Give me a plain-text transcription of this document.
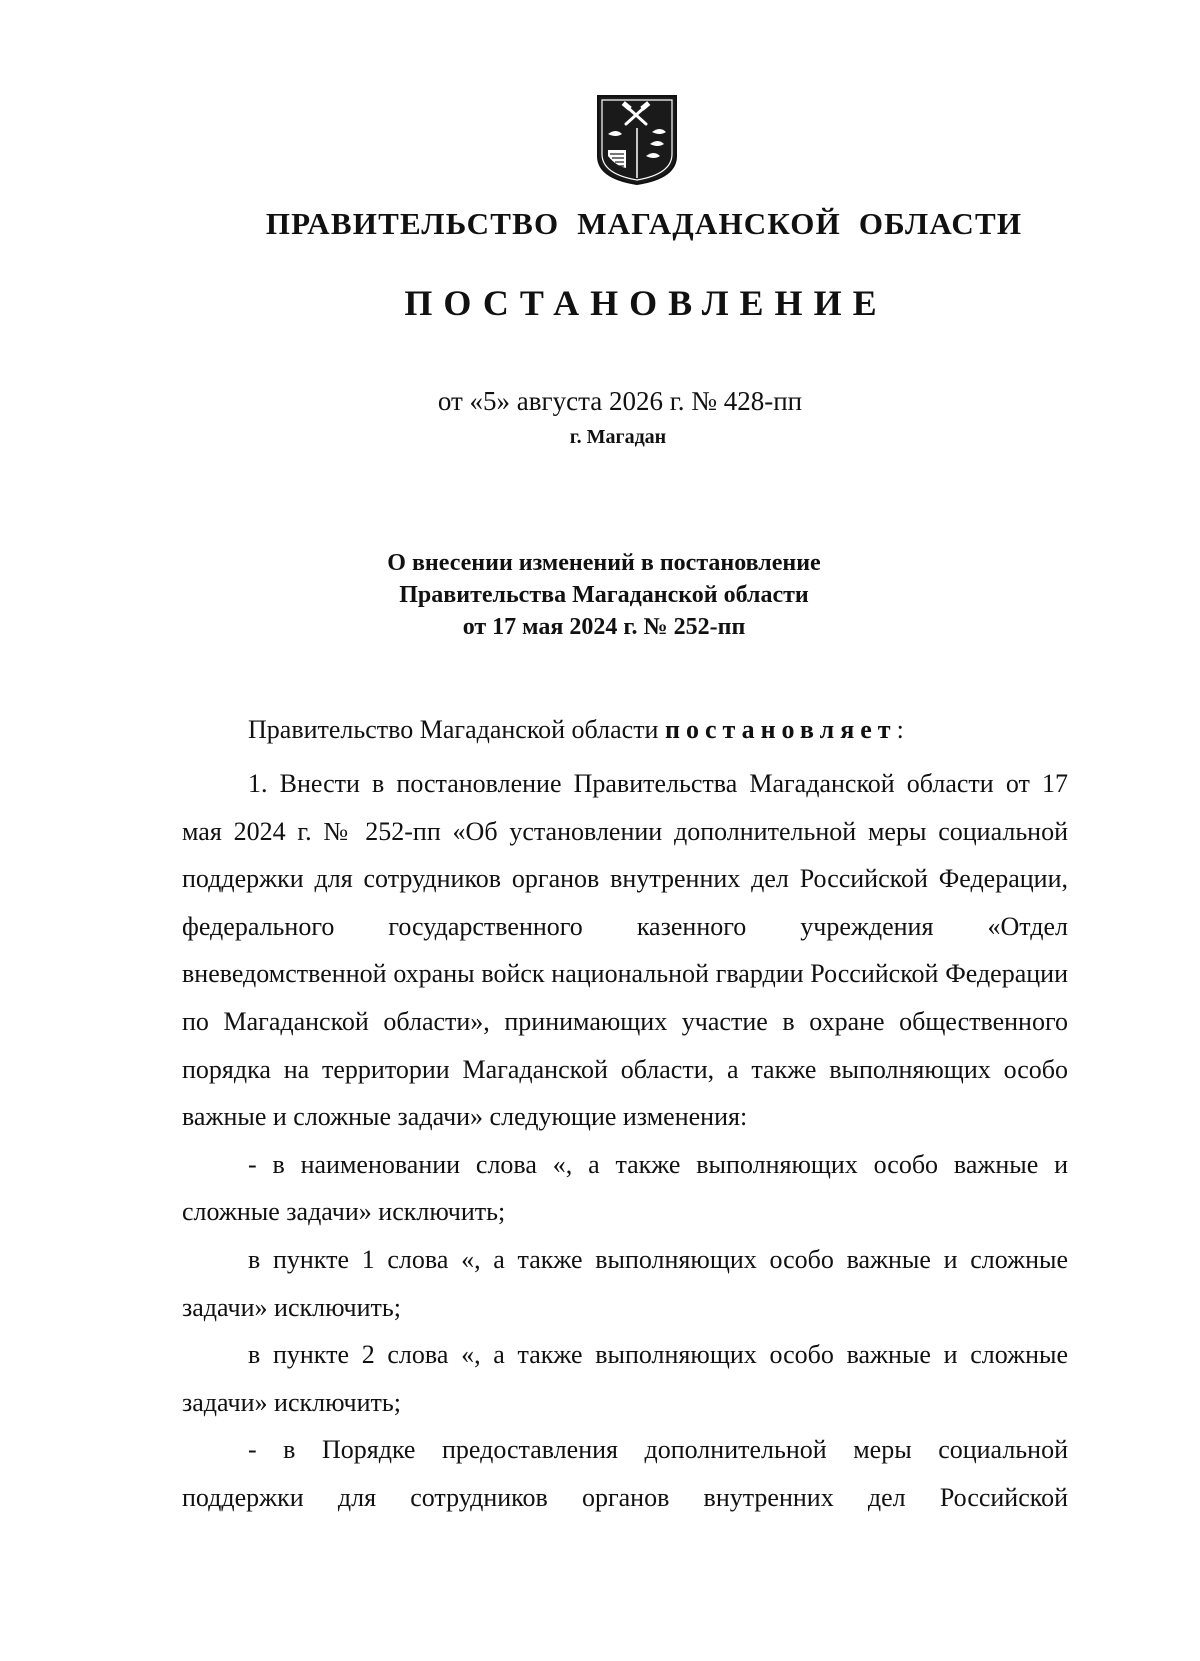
ПРАВИТЕЛЬСТВО  МАГАДАНСКОЙ  ОБЛАСТИ
ПОСТАНОВЛЕНИЕ
от «5» августа 2026 г. № 428-пп
г. Магадан
О внесении изменений в постановление
Правительства Магаданской области
от 17 мая 2024 г. № 252-пп
Правительство Магаданской области постановляет:

1. Внести в постановление Правительства Магаданской области от 17 мая 2024 г. № 252-пп «Об установлении дополнительной меры социальной поддержки для сотрудников органов внутренних дел Российской Федерации, федерального государственного казенного учреждения «Отдел вневедомственной охраны войск национальной гвардии Российской Федерации по Магаданской области», принимающих участие в охране общественного порядка на территории Магаданской области, а также выполняющих особо важные и сложные задачи» следующие изменения:

- в наименовании слова «, а также выполняющих особо важные и сложные задачи» исключить;

в пункте 1 слова «, а также выполняющих особо важные и сложные задачи» исключить;

в пункте 2 слова «, а также выполняющих особо важные и сложные задачи» исключить;

- в Порядке предоставления дополнительной меры социальной поддержки для сотрудников органов внутренних дел Российской
